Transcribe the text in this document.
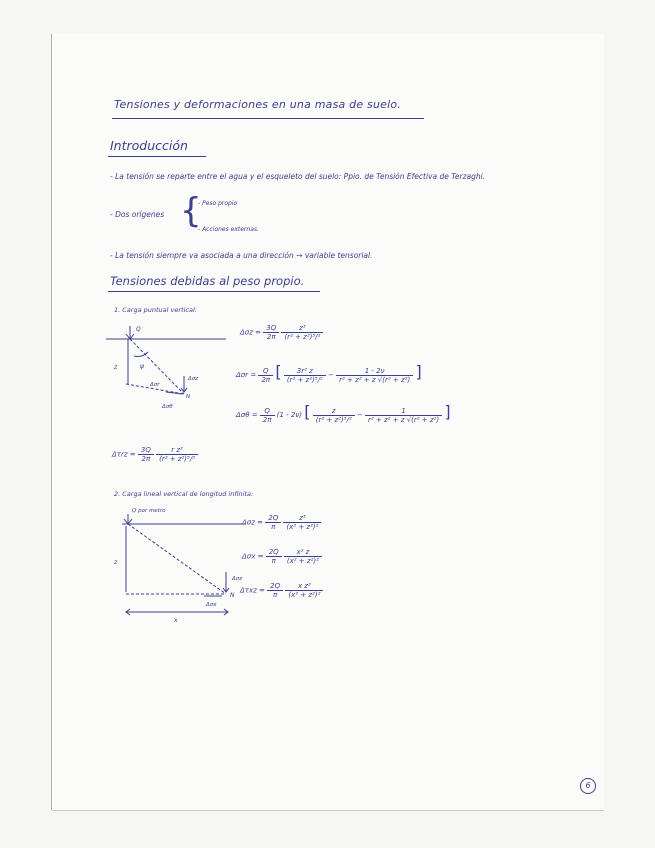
Tensiones y deformaciones en una masa de suelo.
Introducción
- La tensión se reparte entre el agua y el esqueleto del suelo: Ppio. de Tensión Efectiva de Terzaghi.
- Dos orígenes {
- Peso propio
- Acciones externas.
- La tensión siempre va asociada a una dirección → variable tensorial.
Tensiones debidas al peso propio.
1. Carga puntual vertical:
Q
z	ψ
Δσz
Δσr
N
Δσθ
$\Delta\sigma z = \frac{3Q}{2\pi}$
$\frac{\text{z³}}{\text{(r² + z²)⁵/²}}$
$\Delta\sigma r = \frac{Q}{2\pi}$ [ $\frac{\text{3r² z}}{\text{(r² + z²)⁵/²}} - \frac{1 - 2\nu}{\text{r² + z² + z √(r² + z²)}}$ ]
$\Delta\sigma\theta = \frac{Q}{2\pi} (1 - 2\nu)$ [ $\frac{z}{\text{(r² + z²)³/²}} - \frac{1}{\text{r² + z² + z √(r² + z²)}}$ ]
$\Delta\tau rz = \frac{3Q}{2\pi}$
$\frac{\text{r z²}}{\text{(r² + z²)⁵/²}}$
2. Carga lineal vertical de longitud infinita:
Q por metro
z
Δσz
N
Δσx
x
$\Delta\sigma z = \frac{2Q}{\pi}$
$\frac{\text{z³}}{\text{(x² + z²)²}}$
$\Delta\sigma x = \frac{2Q}{\pi}$
$\frac{\text{x² z}}{\text{(x² + z²)²}}$
$\Delta\tau xz = \frac{2Q}{\pi}$
$\frac{\text{x z²}}{\text{(x² + z²)²}}$
6
